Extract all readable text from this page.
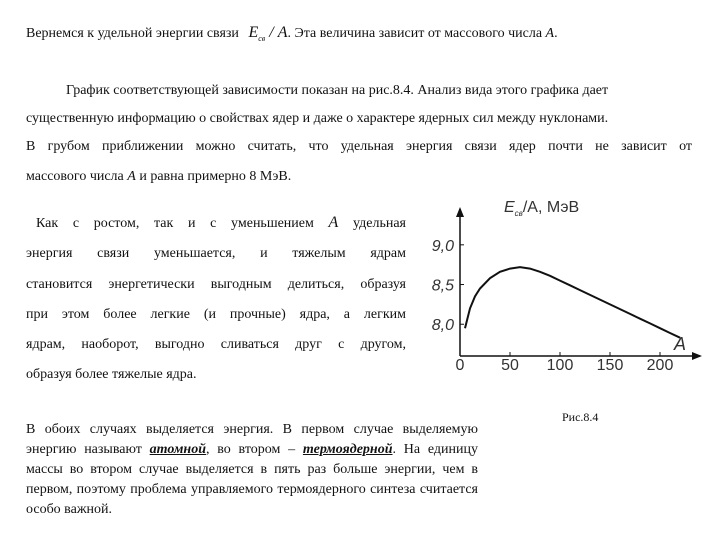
Вернемся к удельной энергии связи $E_{св}$ / A. Эта величина зависит от массового числа A.
График соответствующей зависимости показан на рис.8.4. Анализ вида этого графика дает
существенную информацию о свойствах ядер и даже о характере ядерных сил между нуклонами.
В грубом приближении можно считать, что удельная энергия связи ядер почти не зависит от
массового числа A и равна примерно 8 МэВ.
Как с ростом, так и с уменьшением A удельная
энергия связи уменьшается, и тяжелым ядрам
становится энергетически выгодным делиться, образуя
при этом более легкие (и прочные) ядра, а легким
ядрам, наоборот, выгодно сливаться друг с другом,
образуя более тяжелые ядра.
0 50 100 150 200
8,0
8,5
9,0
$E_{св}/A$, МэВ
A
Рис.8.4
В обоих случаях выделяется энергия. В первом случае выделяемую энергию называют атомной, во втором – термоядерной. На единицу массы во втором случае выделяется в пять раз больше энергии, чем в первом, поэтому проблема управляемого термоядерного синтеза считается особо важной.
